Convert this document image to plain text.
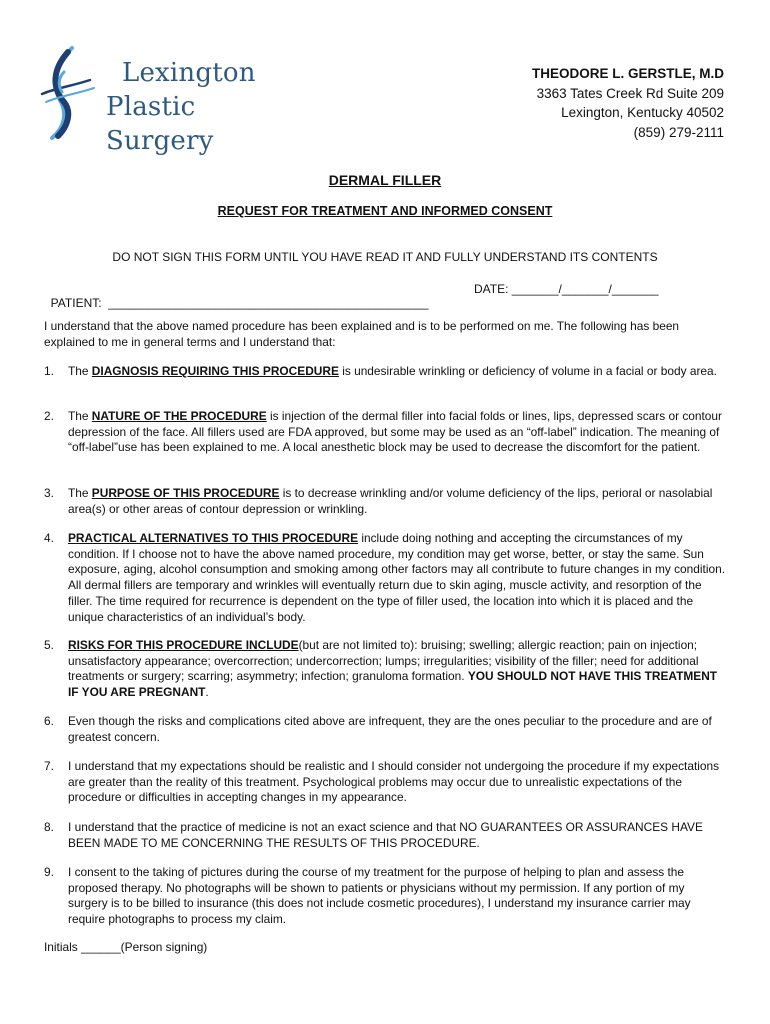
Lexington
Plastic Surgery
THEODORE L. GERSTLE, M.D
3363 Tates Creek Rd Suite 209
Lexington, Kentucky 40502
(859) 279-2111
DERMAL FILLER
REQUEST FOR TREATMENT AND INFORMED CONSENT
DO NOT SIGN THIS FORM UNTIL YOU HAVE READ IT AND FULLY UNDERSTAND ITS CONTENTS

PATIENT:  ________________________________________________

DATE: _______/_______/_______

I understand that the above named procedure has been explained and is to be performed on me. The following has been explained to me in general terms and I understand that:
1. The DIAGNOSIS REQUIRING THIS PROCEDURE is undesirable wrinkling or deficiency of volume in a facial or body area.
2. The NATURE OF THE PROCEDURE is injection of the dermal filler into facial folds or lines, lips, depressed scars or contour depression of the face. All fillers used are FDA approved, but some may be used as an “off-label” indication. The meaning of “off-label”use has been explained to me. A local anesthetic block may be used to decrease the discomfort for the patient.
3. The PURPOSE OF THIS PROCEDURE is to decrease wrinkling and/or volume deficiency of the lips, perioral or nasolabial area(s) or other areas of contour depression or wrinkling.
4. PRACTICAL ALTERNATIVES TO THIS PROCEDURE include doing nothing and accepting the circumstances of my condition. If I choose not to have the above named procedure, my condition may get worse, better, or stay the same. Sun exposure, aging, alcohol consumption and smoking among other factors may all contribute to future changes in my condition. All dermal fillers are temporary and wrinkles will eventually return due to skin aging, muscle activity, and resorption of the filler. The time required for recurrence is dependent on the type of filler used, the location into which it is placed and the unique characteristics of an individual’s body.
5. RISKS FOR THIS PROCEDURE INCLUDE(but are not limited to): bruising; swelling; allergic reaction; pain on injection; unsatisfactory appearance; overcorrection; undercorrection; lumps; irregularities; visibility of the filler; need for additional treatments or surgery; scarring; asymmetry; infection; granuloma formation. YOU SHOULD NOT HAVE THIS TREATMENT IF YOU ARE PREGNANT.
6. Even though the risks and complications cited above are infrequent, they are the ones peculiar to the procedure and are of greatest concern.
7. I understand that my expectations should be realistic and I should consider not undergoing the procedure if my expectations are greater than the reality of this treatment. Psychological problems may occur due to unrealistic expectations of the procedure or difficulties in accepting changes in my appearance.
8. I understand that the practice of medicine is not an exact science and that NO GUARANTEES OR ASSURANCES HAVE BEEN MADE TO ME CONCERNING THE RESULTS OF THIS PROCEDURE.
9. I consent to the taking of pictures during the course of my treatment for the purpose of helping to plan and assess the proposed therapy. No photographs will be shown to patients or physicians without my permission. If any portion of my surgery is to be billed to insurance (this does not include cosmetic procedures), I understand my insurance carrier may require photographs to process my claim.
Initials ______(Person signing)
